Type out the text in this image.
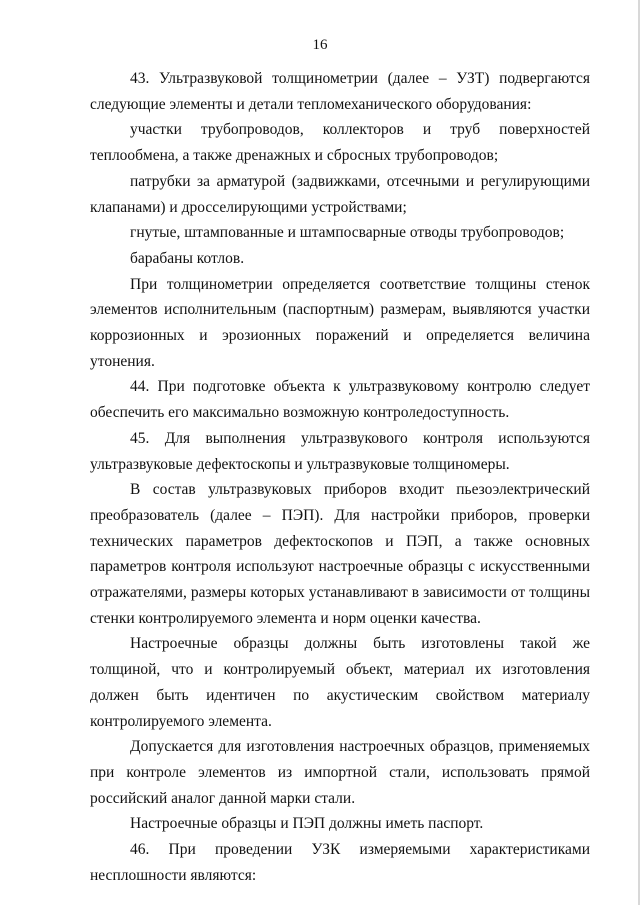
16

43. Ультразвуковой толщинометрии (далее – УЗТ) подвергаются следующие элементы и детали тепломеханического оборудования:

участки трубопроводов, коллекторов и труб поверхностей теплообмена, а также дренажных и сбросных трубопроводов;

патрубки за арматурой (задвижками, отсечными и регулирующими клапанами) и дросселирующими устройствами;

гнутые, штампованные и штампосварные отводы трубопроводов;

барабаны котлов.

При толщинометрии определяется соответствие толщины стенок элементов исполнительным (паспортным) размерам, выявляются участки коррозионных и эрозионных поражений и определяется величина утонения.

44. При подготовке объекта к ультразвуковому контролю следует обеспечить его максимально возможную контроледоступность.

45. Для выполнения ультразвукового контроля используются ультразвуковые дефектоскопы и ультразвуковые толщиномеры.

В состав ультразвуковых приборов входит пьезоэлектрический преобразователь (далее – ПЭП). Для настройки приборов, проверки технических параметров дефектоскопов и ПЭП, а также основных параметров контроля используют настроечные образцы с искусственными отражателями, размеры которых устанавливают в зависимости от толщины стенки контролируемого элемента и норм оценки качества.

Настроечные образцы должны быть изготовлены такой же толщиной, что и контролируемый объект, материал их изготовления должен быть идентичен по акустическим свойством материалу контролируемого элемента.

Допускается для изготовления настроечных образцов, применяемых при контроле элементов из импортной стали, использовать прямой российский аналог данной марки стали.

Настроечные образцы и ПЭП должны иметь паспорт.

46. При проведении УЗК измеряемыми характеристиками несплошности являются:
